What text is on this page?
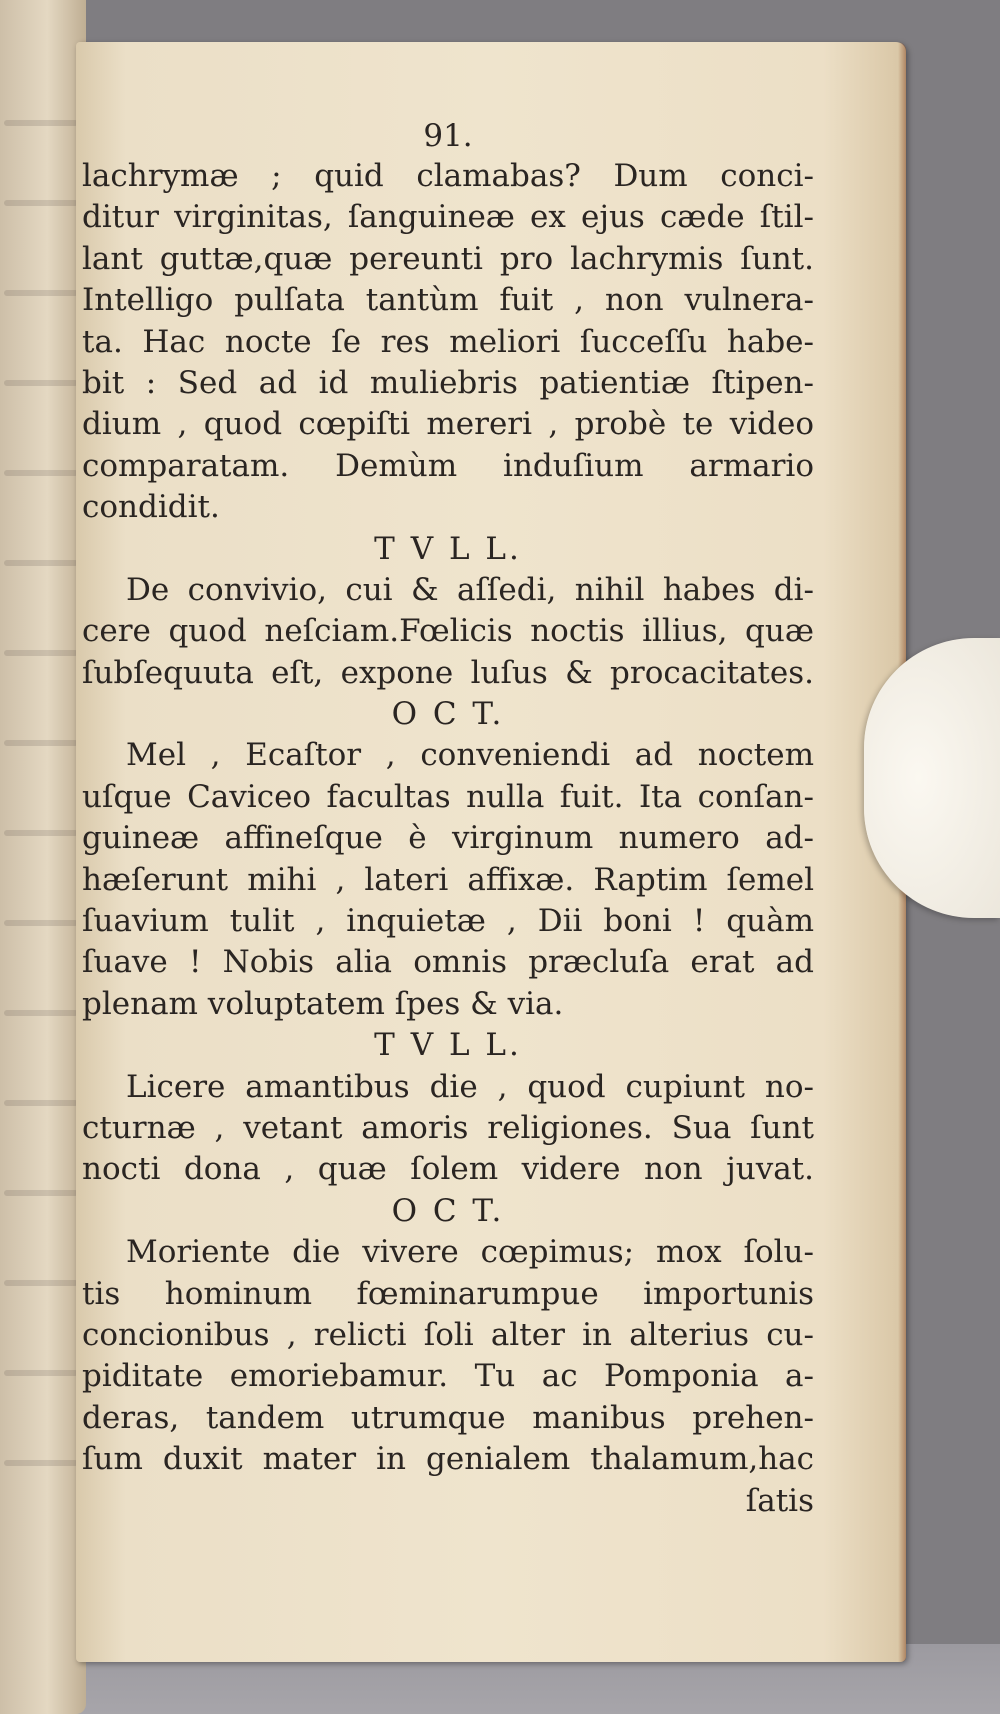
91.
lachrymæ ; quid clamabas? Dum conci-
ditur virginitas, ſanguineæ ex ejus cæde ſtil-
lant guttæ,quæ pereunti pro lachrymis ſunt.
Intelligo pulſata tantùm fuit , non vulnera-
ta. Hac nocte ſe res meliori ſucceſſu habe-
bit : Sed ad id muliebris patientiæ ſtipen-
dium , quod cœpiſti mereri , probè te video
comparatam. Demùm induſium armario
condidit.
T V L L.
De convivio, cui & aſſedi, nihil habes di-
cere quod neſciam.Fœlicis noctis illius, quæ
ſubſequuta eſt, expone luſus & procacitates.
O C T.
Mel , Ecaſtor , conveniendi ad noctem
uſque Caviceo facultas nulla fuit. Ita conſan-
guineæ affineſque è virginum numero ad-
hæſerunt mihi , lateri affixæ. Raptim ſemel
ſuavium tulit , inquietæ , Dii boni ! quàm
ſuave ! Nobis alia omnis præcluſa erat ad
plenam voluptatem ſpes & via.
T V L L.
Licere amantibus die , quod cupiunt no-
cturnæ , vetant amoris religiones. Sua ſunt
nocti dona , quæ ſolem videre non juvat.
O C T.
Moriente die vivere cœpimus; mox ſolu-
tis hominum fœminarumpue importunis
concionibus , relicti ſoli alter in alterius cu-
piditate emoriebamur. Tu ac Pomponia a-
deras, tandem utrumque manibus prehen-
ſum duxit mater in genialem thalamum,hac
ſatis
